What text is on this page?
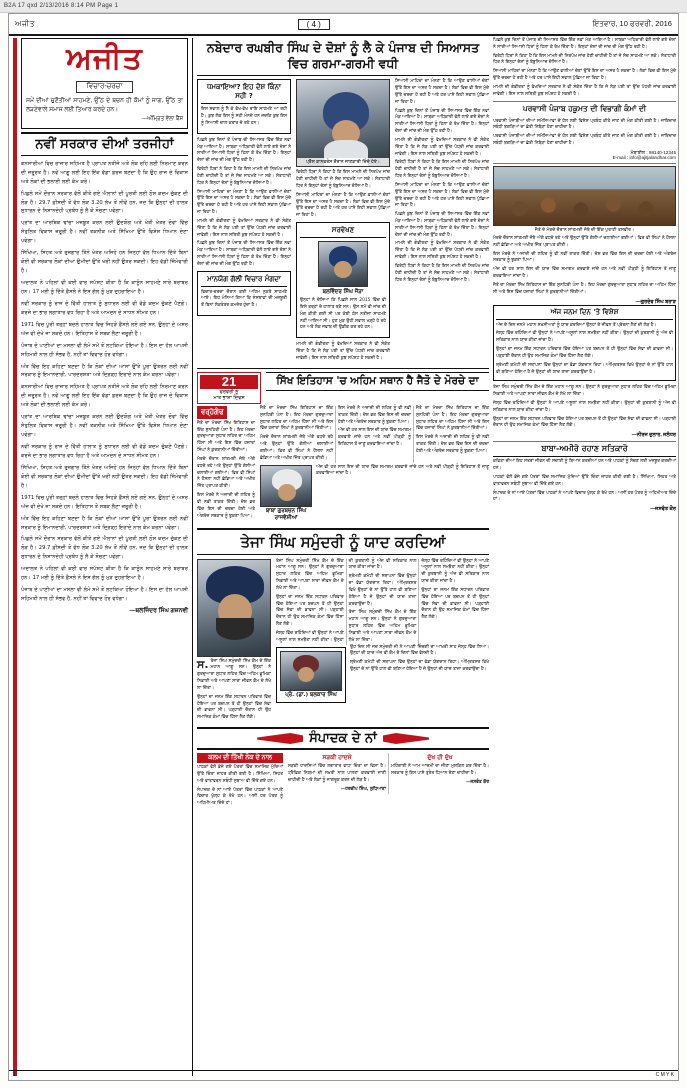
B2A 17 qxd 2/13/2016 8:14 PM Page 1
ਅਜੀਤ	( 4 )	ਇਤਵਾਰ, 10 ਫਰਵਰੀ, 2016
ਅਜੀਤ
ਵਿਚਾਰ-ਚਰਚਾ
ਸਮੇਂ ਦੀਆਂ ਚੁਣੌਤੀਆਂ ਸਾਹਮਣੇ, ਉੱਠ ਦੇ ਬਚਨ ਹੀ ਕੌਮਾਂ ਨੂੰ ਜਾਗ, ਉੱਠ ਤਾ ਲੜਣੇਵਾਲੇ ਸਮਾਜ ਲਈ ਤਿਆਰ ਕਰਦੇ ਹਨ।
—ਅੰਮ੍ਰਿਤ ਵੇਲਾ ਬੈਂਸ
ਨਵੀਂ ਸਰਕਾਰ ਦੀਆਂ ਤਰਜੀਹਾਂ

ਕਨਸਾਰੀਆਂ ਵਿਚ ਰਾਜ਼ਾਰ ਸਹਿਮਤ ਹੈ ਪ੍ਰਾਪਤ ਨਤੀਜੇ ਅਤੇ ਲੋਕ ਰਹਿ ਲਈ ਨਿਰਮਾਣ ਕਰਨ ਦੀ ਜ਼ਰੂਰਤ ਹੈ। ਨਵੇਂ ਆਗੂ ਲਈ ਇਹ ਇੱਕ ਵੱਡਾ ਫ਼ਰਜ਼ ਬਣਦਾ ਹੈ ਕਿ ਉਹ ਰਾਜ ਦੇ ਵਿਕਾਸ ਅਤੇ ਲੋਕਾਂ ਦੀ ਭਲਾਈ ਲਈ ਕੰਮ ਕਰੇ।

ਪਿਛਲੇ ਸਮੇਂ ਦੌਰਾਨ ਸਰਕਾਰ ਵੱਲੋਂ ਕੀਤੇ ਗਏ ਐਲਾਨਾਂ ਦੀ ਪੂਰਤੀ ਲਈ ਠੋਸ ਕਦਮ ਚੁੱਕਣ ਦੀ ਲੋੜ ਹੈ। 29.7 ਫ਼ੀਸਦੀ ਤੋਂ ਵੱਧ ਲੋਕ 3.20 ਲੱਖ ਤੋਂ ਨੀਵੇਂ ਹਨ, ਜਦ ਕਿ ਉਨ੍ਹਾਂ ਦੀ ਹਾਲਤ ਸੁਧਾਰਨ ਦੇ ਨਿਸ਼ਾਨਦੇਹੀ ਪ੍ਰਬੰਧ ਨੂੰ ਲੈ ਕੇ ਸੋਚਣਾ ਪਵੇਗਾ।

ਪ੍ਰਾਂਤ ਦਾ ਆਰਥਿਕ ਢਾਂਚਾ ਮਜ਼ਬੂਤ ਕਰਨ ਲਈ ਉਦਯੋਗ ਅਤੇ ਖੇਤੀ ਖੇਤਰ ਦੋਵਾਂ ਵਿੱਚ ਸੰਤੁਲਿਤ ਵਿਕਾਸ ਜ਼ਰੂਰੀ ਹੈ। ਨਵੀਂ ਤਕਨੀਕ ਅਤੇ ਸਿੱਖਿਆ ਉੱਤੇ ਵਿਸ਼ੇਸ਼ ਧਿਆਨ ਦੇਣਾ ਪਵੇਗਾ।

ਸਿੱਖਿਆ, ਸਿਹਤ ਅਤੇ ਰੁਜ਼ਗਾਰ ਤਿੰਨੇ ਖੇਤਰ ਅਜਿਹੇ ਹਨ ਜਿਨ੍ਹਾਂ ਵੱਲ ਧਿਆਨ ਦਿੱਤੇ ਬਿਨਾਂ ਕੋਈ ਵੀ ਸਰਕਾਰ ਲੋਕਾਂ ਦੀਆਂ ਉਮੀਦਾਂ ਉੱਤੇ ਖਰੀ ਨਹੀਂ ਉਤਰ ਸਕਦੀ। ਇਹ ਵੱਡੀ ਜ਼ਿੰਮੇਵਾਰੀ ਹੈ।

ਅਦਾਲਤ ਨੇ ਪਹਿਲਾਂ ਵੀ ਕਈ ਵਾਰ ਸਪੱਸ਼ਟ ਕੀਤਾ ਹੈ ਕਿ ਕਾਨੂੰਨ ਸਾਹਮਣੇ ਸਾਰੇ ਬਰਾਬਰ ਹਨ। 17 ਮਈ ਨੂੰ ਦਿੱਤੇ ਫ਼ੈਸਲੇ ਨੇ ਇਸ ਗੱਲ ਨੂੰ ਮੁੜ ਦੁਹਰਾਇਆ ਹੈ।

ਨਵੀਂ ਸਰਕਾਰ ਨੂੰ ਰਾਜ ਦੇ ਵਿੱਤੀ ਹਾਲਾਤ ਨੂੰ ਸੁਧਾਰਨ ਲਈ ਵੀ ਵੱਡੇ ਕਦਮ ਚੁੱਕਣੇ ਪੈਣਗੇ। ਕਰਜ਼ੇ ਦਾ ਭਾਰ ਲਗਾਤਾਰ ਵਧ ਰਿਹਾ ਹੈ ਅਤੇ ਆਮਦਨ ਦੇ ਸਾਧਨ ਸੀਮਤ ਹਨ।

1971 ਵਿਚ ਪੂਰੀ ਤਰ੍ਹਾਂ ਬਦਲੇ ਹਾਲਾਤ ਵਿਚ ਜਿਹੜੇ ਫ਼ੈਸਲੇ ਲਏ ਗਏ ਸਨ, ਉਨ੍ਹਾਂ ਦੇ ਅਸਰ ਅੱਜ ਵੀ ਦੇਖੇ ਜਾ ਸਕਦੇ ਹਨ। ਇਤਿਹਾਸ ਤੋਂ ਸਬਕ ਲੈਣਾ ਜ਼ਰੂਰੀ ਹੈ।

ਪੰਜਾਬ ਦੇ ਪਾਣੀਆਂ ਦਾ ਮਸਲਾ ਵੀ ਲੰਮੇ ਸਮੇਂ ਤੋਂ ਲਟਕਿਆ ਹੋਇਆ ਹੈ। ਇਸ ਦਾ ਹੱਲ ਆਪਸੀ ਸਹਿਮਤੀ ਨਾਲ ਹੀ ਸੰਭਵ ਹੈ, ਨਹੀਂ ਤਾਂ ਵਿਵਾਦ ਹੋਰ ਵਧੇਗਾ।

ਅੰਤ ਵਿੱਚ ਇਹ ਕਹਿਣਾ ਬਣਦਾ ਹੈ ਕਿ ਲੋਕਾਂ ਦੀਆਂ ਆਸਾਂ ਉੱਤੇ ਪੂਰਾ ਉਤਰਨ ਲਈ ਨਵੀਂ ਸਰਕਾਰ ਨੂੰ ਇਮਾਨਦਾਰੀ, ਪਾਰਦਰਸ਼ਤਾ ਅਤੇ ਦ੍ਰਿੜ੍ਹ ਇਰਾਦੇ ਨਾਲ ਕੰਮ ਕਰਨਾ ਪਵੇਗਾ।

ਕਨਸਾਰੀਆਂ ਵਿਚ ਰਾਜ਼ਾਰ ਸਹਿਮਤ ਹੈ ਪ੍ਰਾਪਤ ਨਤੀਜੇ ਅਤੇ ਲੋਕ ਰਹਿ ਲਈ ਨਿਰਮਾਣ ਕਰਨ ਦੀ ਜ਼ਰੂਰਤ ਹੈ। ਨਵੇਂ ਆਗੂ ਲਈ ਇਹ ਇੱਕ ਵੱਡਾ ਫ਼ਰਜ਼ ਬਣਦਾ ਹੈ ਕਿ ਉਹ ਰਾਜ ਦੇ ਵਿਕਾਸ ਅਤੇ ਲੋਕਾਂ ਦੀ ਭਲਾਈ ਲਈ ਕੰਮ ਕਰੇ।

ਪ੍ਰਾਂਤ ਦਾ ਆਰਥਿਕ ਢਾਂਚਾ ਮਜ਼ਬੂਤ ਕਰਨ ਲਈ ਉਦਯੋਗ ਅਤੇ ਖੇਤੀ ਖੇਤਰ ਦੋਵਾਂ ਵਿੱਚ ਸੰਤੁਲਿਤ ਵਿਕਾਸ ਜ਼ਰੂਰੀ ਹੈ। ਨਵੀਂ ਤਕਨੀਕ ਅਤੇ ਸਿੱਖਿਆ ਉੱਤੇ ਵਿਸ਼ੇਸ਼ ਧਿਆਨ ਦੇਣਾ ਪਵੇਗਾ।

ਨਵੀਂ ਸਰਕਾਰ ਨੂੰ ਰਾਜ ਦੇ ਵਿੱਤੀ ਹਾਲਾਤ ਨੂੰ ਸੁਧਾਰਨ ਲਈ ਵੀ ਵੱਡੇ ਕਦਮ ਚੁੱਕਣੇ ਪੈਣਗੇ। ਕਰਜ਼ੇ ਦਾ ਭਾਰ ਲਗਾਤਾਰ ਵਧ ਰਿਹਾ ਹੈ ਅਤੇ ਆਮਦਨ ਦੇ ਸਾਧਨ ਸੀਮਤ ਹਨ।

ਸਿੱਖਿਆ, ਸਿਹਤ ਅਤੇ ਰੁਜ਼ਗਾਰ ਤਿੰਨੇ ਖੇਤਰ ਅਜਿਹੇ ਹਨ ਜਿਨ੍ਹਾਂ ਵੱਲ ਧਿਆਨ ਦਿੱਤੇ ਬਿਨਾਂ ਕੋਈ ਵੀ ਸਰਕਾਰ ਲੋਕਾਂ ਦੀਆਂ ਉਮੀਦਾਂ ਉੱਤੇ ਖਰੀ ਨਹੀਂ ਉਤਰ ਸਕਦੀ। ਇਹ ਵੱਡੀ ਜ਼ਿੰਮੇਵਾਰੀ ਹੈ।

1971 ਵਿਚ ਪੂਰੀ ਤਰ੍ਹਾਂ ਬਦਲੇ ਹਾਲਾਤ ਵਿਚ ਜਿਹੜੇ ਫ਼ੈਸਲੇ ਲਏ ਗਏ ਸਨ, ਉਨ੍ਹਾਂ ਦੇ ਅਸਰ ਅੱਜ ਵੀ ਦੇਖੇ ਜਾ ਸਕਦੇ ਹਨ। ਇਤਿਹਾਸ ਤੋਂ ਸਬਕ ਲੈਣਾ ਜ਼ਰੂਰੀ ਹੈ।

ਅੰਤ ਵਿੱਚ ਇਹ ਕਹਿਣਾ ਬਣਦਾ ਹੈ ਕਿ ਲੋਕਾਂ ਦੀਆਂ ਆਸਾਂ ਉੱਤੇ ਪੂਰਾ ਉਤਰਨ ਲਈ ਨਵੀਂ ਸਰਕਾਰ ਨੂੰ ਇਮਾਨਦਾਰੀ, ਪਾਰਦਰਸ਼ਤਾ ਅਤੇ ਦ੍ਰਿੜ੍ਹ ਇਰਾਦੇ ਨਾਲ ਕੰਮ ਕਰਨਾ ਪਵੇਗਾ।

ਪਿਛਲੇ ਸਮੇਂ ਦੌਰਾਨ ਸਰਕਾਰ ਵੱਲੋਂ ਕੀਤੇ ਗਏ ਐਲਾਨਾਂ ਦੀ ਪੂਰਤੀ ਲਈ ਠੋਸ ਕਦਮ ਚੁੱਕਣ ਦੀ ਲੋੜ ਹੈ। 29.7 ਫ਼ੀਸਦੀ ਤੋਂ ਵੱਧ ਲੋਕ 3.20 ਲੱਖ ਤੋਂ ਨੀਵੇਂ ਹਨ, ਜਦ ਕਿ ਉਨ੍ਹਾਂ ਦੀ ਹਾਲਤ ਸੁਧਾਰਨ ਦੇ ਨਿਸ਼ਾਨਦੇਹੀ ਪ੍ਰਬੰਧ ਨੂੰ ਲੈ ਕੇ ਸੋਚਣਾ ਪਵੇਗਾ।

ਅਦਾਲਤ ਨੇ ਪਹਿਲਾਂ ਵੀ ਕਈ ਵਾਰ ਸਪੱਸ਼ਟ ਕੀਤਾ ਹੈ ਕਿ ਕਾਨੂੰਨ ਸਾਹਮਣੇ ਸਾਰੇ ਬਰਾਬਰ ਹਨ। 17 ਮਈ ਨੂੰ ਦਿੱਤੇ ਫ਼ੈਸਲੇ ਨੇ ਇਸ ਗੱਲ ਨੂੰ ਮੁੜ ਦੁਹਰਾਇਆ ਹੈ।

ਪੰਜਾਬ ਦੇ ਪਾਣੀਆਂ ਦਾ ਮਸਲਾ ਵੀ ਲੰਮੇ ਸਮੇਂ ਤੋਂ ਲਟਕਿਆ ਹੋਇਆ ਹੈ। ਇਸ ਦਾ ਹੱਲ ਆਪਸੀ ਸਹਿਮਤੀ ਨਾਲ ਹੀ ਸੰਭਵ ਹੈ, ਨਹੀਂ ਤਾਂ ਵਿਵਾਦ ਹੋਰ ਵਧੇਗਾ।

—ਬਲਜਿੰਦਰ ਸਿੰਘ ਗਜ਼ਨਵੀ
ਨਬੇਦਾਰ ਰਘਬੀਰ ਸਿੰਘ ਦੇ ਦੋਸ਼ਾਂ ਨੂੰ ਲੈ ਕੇ ਪੰਜਾਬ ਦੀ ਸਿਆਸਤ ਵਿਚ ਗਰਮਾ-ਗਰਮੀ ਵਧੀ
ਧਮਕਾਇਆ? ਇਹ ਦੋਸ਼ ਕਿੰਨਾ ਸਹੀ ?

ਇਸ ਸਵਾਲ ਨੂੰ ਲੈ ਕੇ ਵੱਖ-ਵੱਖ ਰਾਇ ਸਾਹਮਣੇ ਆ ਰਹੀ ਹੈ। ਕੁਝ ਲੋਕ ਇਸ ਨੂੰ ਸਹੀ ਮੰਨਦੇ ਹਨ ਜਦਕਿ ਕੁਝ ਇਸ ਨੂੰ ਸਿਆਸੀ ਚਾਲ ਕਰਾਰ ਦੇ ਰਹੇ ਹਨ।

ਪਿਛਲੇ ਕੁਝ ਦਿਨਾਂ ਤੋਂ ਪੰਜਾਬ ਦੀ ਸਿਆਸਤ ਵਿੱਚ ਇੱਕ ਨਵਾਂ ਮੋੜ ਆਇਆ ਹੈ। ਸਾਬਕਾ ਅਧਿਕਾਰੀ ਵੱਲੋਂ ਲਾਏ ਗਏ ਦੋਸ਼ਾਂ ਨੇ ਸਾਰੀਆਂ ਸਿਆਸੀ ਧਿਰਾਂ ਨੂੰ ਹਿਲਾ ਕੇ ਰੱਖ ਦਿੱਤਾ ਹੈ। ਇਨ੍ਹਾਂ ਦੋਸ਼ਾਂ ਦੀ ਜਾਂਚ ਦੀ ਮੰਗ ਉੱਠ ਰਹੀ ਹੈ।

ਵਿਰੋਧੀ ਧਿਰਾਂ ਨੇ ਕਿਹਾ ਹੈ ਕਿ ਇਸ ਮਾਮਲੇ ਦੀ ਨਿਰਪੱਖ ਜਾਂਚ ਹੋਣੀ ਚਾਹੀਦੀ ਹੈ ਤਾਂ ਜੋ ਸੱਚ ਸਾਹਮਣੇ ਆ ਸਕੇ। ਸੱਤਾਧਾਰੀ ਧਿਰ ਨੇ ਇਨ੍ਹਾਂ ਦੋਸ਼ਾਂ ਨੂੰ ਬੇਬੁਨਿਆਦ ਦੱਸਿਆ ਹੈ।

ਸਿਆਸੀ ਮਾਹਿਰਾਂ ਦਾ ਮੰਨਣਾ ਹੈ ਕਿ ਆਉਣ ਵਾਲੀਆਂ ਚੋਣਾਂ ਉੱਤੇ ਇਸ ਦਾ ਅਸਰ ਪੈ ਸਕਦਾ ਹੈ। ਲੋਕਾਂ ਵਿਚ ਵੀ ਇਸ ਮੁੱਦੇ ਉੱਤੇ ਚਰਚਾ ਹੋ ਰਹੀ ਹੈ ਅਤੇ ਹਰ ਪਾਸੇ ਇਹੀ ਸਵਾਲ ਪੁੱਛਿਆ ਜਾ ਰਿਹਾ ਹੈ।

ਮਾਮਲੇ ਦੀ ਗੰਭੀਰਤਾ ਨੂੰ ਵੇਖਦਿਆਂ ਸਰਕਾਰ ਨੇ ਵੀ ਸੰਕੇਤ ਦਿੱਤਾ ਹੈ ਕਿ ਜੇ ਲੋੜ ਪਈ ਤਾਂ ਉੱਚ ਪੱਧਰੀ ਜਾਂਚ ਕਰਵਾਈ ਜਾਵੇਗੀ। ਇਸ ਨਾਲ ਸਥਿਤੀ ਕੁਝ ਸਪੱਸ਼ਟ ਹੋ ਸਕਦੀ ਹੈ।

ਪਿਛਲੇ ਕੁਝ ਦਿਨਾਂ ਤੋਂ ਪੰਜਾਬ ਦੀ ਸਿਆਸਤ ਵਿੱਚ ਇੱਕ ਨਵਾਂ ਮੋੜ ਆਇਆ ਹੈ। ਸਾਬਕਾ ਅਧਿਕਾਰੀ ਵੱਲੋਂ ਲਾਏ ਗਏ ਦੋਸ਼ਾਂ ਨੇ ਸਾਰੀਆਂ ਸਿਆਸੀ ਧਿਰਾਂ ਨੂੰ ਹਿਲਾ ਕੇ ਰੱਖ ਦਿੱਤਾ ਹੈ। ਇਨ੍ਹਾਂ ਦੋਸ਼ਾਂ ਦੀ ਜਾਂਚ ਦੀ ਮੰਗ ਉੱਠ ਰਹੀ ਹੈ।

ਮਾਨਯੋਗ ਗੱਲੀ ਵਿਚਾਰ ਮੰਗਦਾ

ਵਿਚਾਰ-ਚਰਚਾ ਦੌਰਾਨ ਕਈ ਅਹਿਮ ਨੁਕਤੇ ਸਾਹਮਣੇ ਆਏ। ਇਹ ਮੰਨਿਆ ਗਿਆ ਕਿ ਸੰਸਥਾਵਾਂ ਦੀ ਮਜ਼ਬੂਤੀ ਤੋਂ ਬਿਨਾਂ ਲੋਕਤੰਤਰ ਕਮਜ਼ੋਰ ਹੁੰਦਾ ਹੈ।

ਪ੍ਰੈੱਸ ਕਾਨਫਰੰਸ ਦੌਰਾਨ ਜਾਣਕਾਰੀ ਦਿੰਦੇ ਹੋਏ।

ਵਿਰੋਧੀ ਧਿਰਾਂ ਨੇ ਕਿਹਾ ਹੈ ਕਿ ਇਸ ਮਾਮਲੇ ਦੀ ਨਿਰਪੱਖ ਜਾਂਚ ਹੋਣੀ ਚਾਹੀਦੀ ਹੈ ਤਾਂ ਜੋ ਸੱਚ ਸਾਹਮਣੇ ਆ ਸਕੇ। ਸੱਤਾਧਾਰੀ ਧਿਰ ਨੇ ਇਨ੍ਹਾਂ ਦੋਸ਼ਾਂ ਨੂੰ ਬੇਬੁਨਿਆਦ ਦੱਸਿਆ ਹੈ।

ਸਿਆਸੀ ਮਾਹਿਰਾਂ ਦਾ ਮੰਨਣਾ ਹੈ ਕਿ ਆਉਣ ਵਾਲੀਆਂ ਚੋਣਾਂ ਉੱਤੇ ਇਸ ਦਾ ਅਸਰ ਪੈ ਸਕਦਾ ਹੈ। ਲੋਕਾਂ ਵਿਚ ਵੀ ਇਸ ਮੁੱਦੇ ਉੱਤੇ ਚਰਚਾ ਹੋ ਰਹੀ ਹੈ ਅਤੇ ਹਰ ਪਾਸੇ ਇਹੀ ਸਵਾਲ ਪੁੱਛਿਆ ਜਾ ਰਿਹਾ ਹੈ।

ਸਰਵੇਖਣ
ਬਲਵਿੰਦਰ ਸਿੰਘ ਜੌੜਾ

ਉਨ੍ਹਾਂ ਨੇ ਦੱਸਿਆ ਕਿ ਪਿਛਲੇ ਸਾਲ 2015 ਵਿੱਚ ਵੀ ਇਸੇ ਤਰ੍ਹਾਂ ਦੇ ਹਾਲਾਤ ਬਣੇ ਸਨ। ਉਸ ਸਮੇਂ ਵੀ ਜਾਂਚ ਦੀ ਮੰਗ ਕੀਤੀ ਗਈ ਸੀ ਪਰ ਕੋਈ ਠੋਸ ਨਤੀਜਾ ਸਾਹਮਣੇ ਨਹੀਂ ਆਇਆ ਸੀ। ਹੁਣ ਮੁੜ ਉਹੀ ਸਵਾਲ ਖੜ੍ਹੇ ਹੋ ਰਹੇ ਹਨ ਅਤੇ ਲੋਕ ਜਵਾਬ ਦੀ ਉਡੀਕ ਕਰ ਰਹੇ ਹਨ।

ਮਾਮਲੇ ਦੀ ਗੰਭੀਰਤਾ ਨੂੰ ਵੇਖਦਿਆਂ ਸਰਕਾਰ ਨੇ ਵੀ ਸੰਕੇਤ ਦਿੱਤਾ ਹੈ ਕਿ ਜੇ ਲੋੜ ਪਈ ਤਾਂ ਉੱਚ ਪੱਧਰੀ ਜਾਂਚ ਕਰਵਾਈ ਜਾਵੇਗੀ। ਇਸ ਨਾਲ ਸਥਿਤੀ ਕੁਝ ਸਪੱਸ਼ਟ ਹੋ ਸਕਦੀ ਹੈ।

ਸਿਆਸੀ ਮਾਹਿਰਾਂ ਦਾ ਮੰਨਣਾ ਹੈ ਕਿ ਆਉਣ ਵਾਲੀਆਂ ਚੋਣਾਂ ਉੱਤੇ ਇਸ ਦਾ ਅਸਰ ਪੈ ਸਕਦਾ ਹੈ। ਲੋਕਾਂ ਵਿਚ ਵੀ ਇਸ ਮੁੱਦੇ ਉੱਤੇ ਚਰਚਾ ਹੋ ਰਹੀ ਹੈ ਅਤੇ ਹਰ ਪਾਸੇ ਇਹੀ ਸਵਾਲ ਪੁੱਛਿਆ ਜਾ ਰਿਹਾ ਹੈ।

ਪਿਛਲੇ ਕੁਝ ਦਿਨਾਂ ਤੋਂ ਪੰਜਾਬ ਦੀ ਸਿਆਸਤ ਵਿੱਚ ਇੱਕ ਨਵਾਂ ਮੋੜ ਆਇਆ ਹੈ। ਸਾਬਕਾ ਅਧਿਕਾਰੀ ਵੱਲੋਂ ਲਾਏ ਗਏ ਦੋਸ਼ਾਂ ਨੇ ਸਾਰੀਆਂ ਸਿਆਸੀ ਧਿਰਾਂ ਨੂੰ ਹਿਲਾ ਕੇ ਰੱਖ ਦਿੱਤਾ ਹੈ। ਇਨ੍ਹਾਂ ਦੋਸ਼ਾਂ ਦੀ ਜਾਂਚ ਦੀ ਮੰਗ ਉੱਠ ਰਹੀ ਹੈ।

ਮਾਮਲੇ ਦੀ ਗੰਭੀਰਤਾ ਨੂੰ ਵੇਖਦਿਆਂ ਸਰਕਾਰ ਨੇ ਵੀ ਸੰਕੇਤ ਦਿੱਤਾ ਹੈ ਕਿ ਜੇ ਲੋੜ ਪਈ ਤਾਂ ਉੱਚ ਪੱਧਰੀ ਜਾਂਚ ਕਰਵਾਈ ਜਾਵੇਗੀ। ਇਸ ਨਾਲ ਸਥਿਤੀ ਕੁਝ ਸਪੱਸ਼ਟ ਹੋ ਸਕਦੀ ਹੈ।

ਵਿਰੋਧੀ ਧਿਰਾਂ ਨੇ ਕਿਹਾ ਹੈ ਕਿ ਇਸ ਮਾਮਲੇ ਦੀ ਨਿਰਪੱਖ ਜਾਂਚ ਹੋਣੀ ਚਾਹੀਦੀ ਹੈ ਤਾਂ ਜੋ ਸੱਚ ਸਾਹਮਣੇ ਆ ਸਕੇ। ਸੱਤਾਧਾਰੀ ਧਿਰ ਨੇ ਇਨ੍ਹਾਂ ਦੋਸ਼ਾਂ ਨੂੰ ਬੇਬੁਨਿਆਦ ਦੱਸਿਆ ਹੈ।

ਸਿਆਸੀ ਮਾਹਿਰਾਂ ਦਾ ਮੰਨਣਾ ਹੈ ਕਿ ਆਉਣ ਵਾਲੀਆਂ ਚੋਣਾਂ ਉੱਤੇ ਇਸ ਦਾ ਅਸਰ ਪੈ ਸਕਦਾ ਹੈ। ਲੋਕਾਂ ਵਿਚ ਵੀ ਇਸ ਮੁੱਦੇ ਉੱਤੇ ਚਰਚਾ ਹੋ ਰਹੀ ਹੈ ਅਤੇ ਹਰ ਪਾਸੇ ਇਹੀ ਸਵਾਲ ਪੁੱਛਿਆ ਜਾ ਰਿਹਾ ਹੈ।

ਪਿਛਲੇ ਕੁਝ ਦਿਨਾਂ ਤੋਂ ਪੰਜਾਬ ਦੀ ਸਿਆਸਤ ਵਿੱਚ ਇੱਕ ਨਵਾਂ ਮੋੜ ਆਇਆ ਹੈ। ਸਾਬਕਾ ਅਧਿਕਾਰੀ ਵੱਲੋਂ ਲਾਏ ਗਏ ਦੋਸ਼ਾਂ ਨੇ ਸਾਰੀਆਂ ਸਿਆਸੀ ਧਿਰਾਂ ਨੂੰ ਹਿਲਾ ਕੇ ਰੱਖ ਦਿੱਤਾ ਹੈ। ਇਨ੍ਹਾਂ ਦੋਸ਼ਾਂ ਦੀ ਜਾਂਚ ਦੀ ਮੰਗ ਉੱਠ ਰਹੀ ਹੈ।

ਮਾਮਲੇ ਦੀ ਗੰਭੀਰਤਾ ਨੂੰ ਵੇਖਦਿਆਂ ਸਰਕਾਰ ਨੇ ਵੀ ਸੰਕੇਤ ਦਿੱਤਾ ਹੈ ਕਿ ਜੇ ਲੋੜ ਪਈ ਤਾਂ ਉੱਚ ਪੱਧਰੀ ਜਾਂਚ ਕਰਵਾਈ ਜਾਵੇਗੀ। ਇਸ ਨਾਲ ਸਥਿਤੀ ਕੁਝ ਸਪੱਸ਼ਟ ਹੋ ਸਕਦੀ ਹੈ।

ਵਿਰੋਧੀ ਧਿਰਾਂ ਨੇ ਕਿਹਾ ਹੈ ਕਿ ਇਸ ਮਾਮਲੇ ਦੀ ਨਿਰਪੱਖ ਜਾਂਚ ਹੋਣੀ ਚਾਹੀਦੀ ਹੈ ਤਾਂ ਜੋ ਸੱਚ ਸਾਹਮਣੇ ਆ ਸਕੇ। ਸੱਤਾਧਾਰੀ ਧਿਰ ਨੇ ਇਨ੍ਹਾਂ ਦੋਸ਼ਾਂ ਨੂੰ ਬੇਬੁਨਿਆਦ ਦੱਸਿਆ ਹੈ।

21
ਫਰਵਰੀ ਨੂੰ
ਮਾਤ ਭਾਸ਼ਾ ਦਿਵਸ
ਸਿੱਖ ਇਤਿਹਾਸ 'ਚ ਅਹਿਮ ਸਥਾਨ ਹੈ ਜੈਤੋ ਦੇ ਮੋਰਚੇ ਦਾ

ਵਰ੍ਹੇਗੰਢ

ਜੈਤੋ ਦਾ ਮੋਰਚਾ ਸਿੱਖ ਇਤਿਹਾਸ ਦਾ ਇੱਕ ਸੁਨਹਿਰੀ ਪੰਨਾ ਹੈ। ਇਹ ਮੋਰਚਾ ਗੁਰਦੁਆਰਾ ਸੁਧਾਰ ਲਹਿਰ ਦਾ ਅਹਿਮ ਹਿੱਸਾ ਸੀ ਅਤੇ ਇਸ ਵਿੱਚ ਹਜ਼ਾਰਾਂ ਸਿੰਘਾਂ ਨੇ ਕੁਰਬਾਨੀਆਂ ਦਿੱਤੀਆਂ।

ਮੋਰਚੇ ਦੌਰਾਨ ਸ਼ਾਂਤਮਈ ਜੱਥੇ ਅੱਗੇ ਵਧਦੇ ਰਹੇ ਅਤੇ ਉਨ੍ਹਾਂ ਉੱਤੇ ਗੋਲੀਆਂ ਚਲਾਈਆਂ ਗਈਆਂ। ਫਿਰ ਵੀ ਸਿੰਘਾਂ ਨੇ ਹੌਸਲਾ ਨਹੀਂ ਛੱਡਿਆ ਅਤੇ ਅਖੀਰ ਜਿੱਤ ਪ੍ਰਾਪਤ ਕੀਤੀ।

ਇਸ ਮੋਰਚੇ ਨੇ ਅਜ਼ਾਦੀ ਦੀ ਲਹਿਰ ਨੂੰ ਵੀ ਨਵੀਂ ਤਾਕਤ ਦਿੱਤੀ। ਦੇਸ਼ ਭਰ ਵਿੱਚ ਇਸ ਦੀ ਚਰਚਾ ਹੋਈ ਅਤੇ ਅੰਗਰੇਜ਼ ਸਰਕਾਰ ਨੂੰ ਝੁਕਣਾ ਪਿਆ।

ਜੈਤੋ ਦਾ ਮੋਰਚਾ ਸਿੱਖ ਇਤਿਹਾਸ ਦਾ ਇੱਕ ਸੁਨਹਿਰੀ ਪੰਨਾ ਹੈ। ਇਹ ਮੋਰਚਾ ਗੁਰਦੁਆਰਾ ਸੁਧਾਰ ਲਹਿਰ ਦਾ ਅਹਿਮ ਹਿੱਸਾ ਸੀ ਅਤੇ ਇਸ ਵਿੱਚ ਹਜ਼ਾਰਾਂ ਸਿੰਘਾਂ ਨੇ ਕੁਰਬਾਨੀਆਂ ਦਿੱਤੀਆਂ।

ਮੋਰਚੇ ਦੌਰਾਨ ਸ਼ਾਂਤਮਈ ਜੱਥੇ ਅੱਗੇ ਵਧਦੇ ਰਹੇ ਅਤੇ ਉਨ੍ਹਾਂ ਉੱਤੇ ਗੋਲੀਆਂ ਚਲਾਈਆਂ ਗਈਆਂ। ਫਿਰ ਵੀ ਸਿੰਘਾਂ ਨੇ ਹੌਸਲਾ ਨਹੀਂ ਛੱਡਿਆ ਅਤੇ ਅਖੀਰ ਜਿੱਤ ਪ੍ਰਾਪਤ ਕੀਤੀ।

ਇਸ ਮੋਰਚੇ ਨੇ ਅਜ਼ਾਦੀ ਦੀ ਲਹਿਰ ਨੂੰ ਵੀ ਨਵੀਂ ਤਾਕਤ ਦਿੱਤੀ। ਦੇਸ਼ ਭਰ ਵਿੱਚ ਇਸ ਦੀ ਚਰਚਾ ਹੋਈ ਅਤੇ ਅੰਗਰੇਜ਼ ਸਰਕਾਰ ਨੂੰ ਝੁਕਣਾ ਪਿਆ।

ਅੱਜ ਵੀ ਹਰ ਸਾਲ ਇਸ ਦੀ ਯਾਦ ਵਿੱਚ ਸਮਾਗਮ ਕਰਵਾਏ ਜਾਂਦੇ ਹਨ ਅਤੇ ਨਵੀਂ ਪੀੜ੍ਹੀ ਨੂੰ ਇਤਿਹਾਸ ਤੋਂ ਜਾਣੂ ਕਰਵਾਇਆ ਜਾਂਦਾ ਹੈ।

ਜੈਤੋ ਦਾ ਮੋਰਚਾ ਸਿੱਖ ਇਤਿਹਾਸ ਦਾ ਇੱਕ ਸੁਨਹਿਰੀ ਪੰਨਾ ਹੈ। ਇਹ ਮੋਰਚਾ ਗੁਰਦੁਆਰਾ ਸੁਧਾਰ ਲਹਿਰ ਦਾ ਅਹਿਮ ਹਿੱਸਾ ਸੀ ਅਤੇ ਇਸ ਵਿੱਚ ਹਜ਼ਾਰਾਂ ਸਿੰਘਾਂ ਨੇ ਕੁਰਬਾਨੀਆਂ ਦਿੱਤੀਆਂ।

ਇਸ ਮੋਰਚੇ ਨੇ ਅਜ਼ਾਦੀ ਦੀ ਲਹਿਰ ਨੂੰ ਵੀ ਨਵੀਂ ਤਾਕਤ ਦਿੱਤੀ। ਦੇਸ਼ ਭਰ ਵਿੱਚ ਇਸ ਦੀ ਚਰਚਾ ਹੋਈ ਅਤੇ ਅੰਗਰੇਜ਼ ਸਰਕਾਰ ਨੂੰ ਝੁਕਣਾ ਪਿਆ।

ਬਾਬਾ ਗੁਰਬਚਨ ਸਿੰਘ ਰਾਜਵੰਸ਼ੀਆਂ

ਅੱਜ ਵੀ ਹਰ ਸਾਲ ਇਸ ਦੀ ਯਾਦ ਵਿੱਚ ਸਮਾਗਮ ਕਰਵਾਏ ਜਾਂਦੇ ਹਨ ਅਤੇ ਨਵੀਂ ਪੀੜ੍ਹੀ ਨੂੰ ਇਤਿਹਾਸ ਤੋਂ ਜਾਣੂ ਕਰਵਾਇਆ ਜਾਂਦਾ ਹੈ।

ਤੇਜਾ ਸਿੰਘ ਸਮੁੰਦਰੀ ਨੂੰ ਯਾਦ ਕਰਦਿਆਂ

ਸ. ਤੇਜਾ ਸਿੰਘ ਸਮੁੰਦਰੀ ਸਿੱਖ ਕੌਮ ਦੇ ਇੱਕ ਮਹਾਨ ਆਗੂ ਸਨ। ਉਨ੍ਹਾਂ ਨੇ ਗੁਰਦੁਆਰਾ ਸੁਧਾਰ ਲਹਿਰ ਵਿੱਚ ਅਹਿਮ ਭੂਮਿਕਾ ਨਿਭਾਈ ਅਤੇ ਆਪਣਾ ਸਾਰਾ ਜੀਵਨ ਕੌਮ ਦੇ ਲੇਖੇ ਲਾ ਦਿੱਤਾ।

ਉਨ੍ਹਾਂ ਦਾ ਜਨਮ ਇੱਕ ਸਧਾਰਨ ਪਰਿਵਾਰ ਵਿੱਚ ਹੋਇਆ ਪਰ ਬਚਪਨ ਤੋਂ ਹੀ ਉਨ੍ਹਾਂ ਵਿੱਚ ਸੇਵਾ ਦੀ ਭਾਵਨਾ ਸੀ। ਪੜ੍ਹਾਈ ਦੌਰਾਨ ਹੀ ਉਹ ਸਮਾਜਿਕ ਕੰਮਾਂ ਵਿੱਚ ਹਿੱਸਾ ਲੈਣ ਲੱਗੇ।

ਤੇਜਾ ਸਿੰਘ ਸਮੁੰਦਰੀ ਸਿੱਖ ਕੌਮ ਦੇ ਇੱਕ ਮਹਾਨ ਆਗੂ ਸਨ। ਉਨ੍ਹਾਂ ਨੇ ਗੁਰਦੁਆਰਾ ਸੁਧਾਰ ਲਹਿਰ ਵਿੱਚ ਅਹਿਮ ਭੂਮਿਕਾ ਨਿਭਾਈ ਅਤੇ ਆਪਣਾ ਸਾਰਾ ਜੀਵਨ ਕੌਮ ਦੇ ਲੇਖੇ ਲਾ ਦਿੱਤਾ।

ਉਨ੍ਹਾਂ ਦਾ ਜਨਮ ਇੱਕ ਸਧਾਰਨ ਪਰਿਵਾਰ ਵਿੱਚ ਹੋਇਆ ਪਰ ਬਚਪਨ ਤੋਂ ਹੀ ਉਨ੍ਹਾਂ ਵਿੱਚ ਸੇਵਾ ਦੀ ਭਾਵਨਾ ਸੀ। ਪੜ੍ਹਾਈ ਦੌਰਾਨ ਹੀ ਉਹ ਸਮਾਜਿਕ ਕੰਮਾਂ ਵਿੱਚ ਹਿੱਸਾ ਲੈਣ ਲੱਗੇ।

ਜੇਲ੍ਹ ਵਿੱਚ ਰਹਿੰਦਿਆਂ ਵੀ ਉਨ੍ਹਾਂ ਨੇ ਆਪਣੇ ਅਸੂਲਾਂ ਨਾਲ ਸਮਝੌਤਾ ਨਹੀਂ ਕੀਤਾ। ਉਨ੍ਹਾਂ ਦੀ ਕੁਰਬਾਨੀ ਨੂੰ ਅੱਜ ਵੀ ਸਤਿਕਾਰ ਨਾਲ ਯਾਦ ਕੀਤਾ ਜਾਂਦਾ ਹੈ।

ਸ਼੍ਰੋਮਣੀ ਕਮੇਟੀ ਦੀ ਸਥਾਪਨਾ ਵਿੱਚ ਉਨ੍ਹਾਂ ਦਾ ਵੱਡਾ ਯੋਗਦਾਨ ਰਿਹਾ। ਅੰਮ੍ਰਿਤਸਰ ਵਿਖੇ ਉਨ੍ਹਾਂ ਦੇ ਨਾਂ ਉੱਤੇ ਹਾਲ ਵੀ ਬਣਿਆ ਹੋਇਆ ਹੈ ਜੋ ਉਨ੍ਹਾਂ ਦੀ ਯਾਦ ਤਾਜ਼ਾ ਕਰਵਾਉਂਦਾ ਹੈ।

ਤੇਜਾ ਸਿੰਘ ਸਮੁੰਦਰੀ ਸਿੱਖ ਕੌਮ ਦੇ ਇੱਕ ਮਹਾਨ ਆਗੂ ਸਨ। ਉਨ੍ਹਾਂ ਨੇ ਗੁਰਦੁਆਰਾ ਸੁਧਾਰ ਲਹਿਰ ਵਿੱਚ ਅਹਿਮ ਭੂਮਿਕਾ ਨਿਭਾਈ ਅਤੇ ਆਪਣਾ ਸਾਰਾ ਜੀਵਨ ਕੌਮ ਦੇ ਲੇਖੇ ਲਾ ਦਿੱਤਾ।

ਜੇਲ੍ਹ ਵਿੱਚ ਰਹਿੰਦਿਆਂ ਵੀ ਉਨ੍ਹਾਂ ਨੇ ਆਪਣੇ ਅਸੂਲਾਂ ਨਾਲ ਸਮਝੌਤਾ ਨਹੀਂ ਕੀਤਾ। ਉਨ੍ਹਾਂ ਦੀ ਕੁਰਬਾਨੀ ਨੂੰ ਅੱਜ ਵੀ ਸਤਿਕਾਰ ਨਾਲ ਯਾਦ ਕੀਤਾ ਜਾਂਦਾ ਹੈ।

ਉਨ੍ਹਾਂ ਦਾ ਜਨਮ ਇੱਕ ਸਧਾਰਨ ਪਰਿਵਾਰ ਵਿੱਚ ਹੋਇਆ ਪਰ ਬਚਪਨ ਤੋਂ ਹੀ ਉਨ੍ਹਾਂ ਵਿੱਚ ਸੇਵਾ ਦੀ ਭਾਵਨਾ ਸੀ। ਪੜ੍ਹਾਈ ਦੌਰਾਨ ਹੀ ਉਹ ਸਮਾਜਿਕ ਕੰਮਾਂ ਵਿੱਚ ਹਿੱਸਾ ਲੈਣ ਲੱਗੇ।

ਪ੍ਰੋ. (ਡਾ.) ਬਲਕਾਰ ਸਿੰਘ

ਉਹ ਦਿਨ ਸੀ ਜਦ ਸਮੁੰਦਰੀ ਜੀ ਨੇ ਆਪਣੀ ਜ਼ਿੰਦਗੀ ਦਾ ਆਖ਼ਰੀ ਸਾਹ ਜੇਲ੍ਹ ਵਿੱਚ ਲਿਆ। ਉਨ੍ਹਾਂ ਦੀ ਯਾਦ ਅੱਜ ਵੀ ਕੌਮ ਦੇ ਦਿਲਾਂ ਵਿੱਚ ਵੱਸਦੀ ਹੈ।

ਸ਼੍ਰੋਮਣੀ ਕਮੇਟੀ ਦੀ ਸਥਾਪਨਾ ਵਿੱਚ ਉਨ੍ਹਾਂ ਦਾ ਵੱਡਾ ਯੋਗਦਾਨ ਰਿਹਾ। ਅੰਮ੍ਰਿਤਸਰ ਵਿਖੇ ਉਨ੍ਹਾਂ ਦੇ ਨਾਂ ਉੱਤੇ ਹਾਲ ਵੀ ਬਣਿਆ ਹੋਇਆ ਹੈ ਜੋ ਉਨ੍ਹਾਂ ਦੀ ਯਾਦ ਤਾਜ਼ਾ ਕਰਵਾਉਂਦਾ ਹੈ।

ਸੰਪਾਦਕ ਦੇ ਨਾਂ
ਕਲਮ ਦੀ ਤਿੱਖੀ ਨੋਕ ਦੇ ਨਾਲ

ਪਾਠਕਾਂ ਵੱਲੋਂ ਭੇਜੇ ਗਏ ਪੱਤਰਾਂ ਵਿੱਚ ਸਮਾਜਿਕ ਮੁੱਦਿਆਂ ਉੱਤੇ ਚਿੰਤਾ ਜ਼ਾਹਰ ਕੀਤੀ ਗਈ ਹੈ। ਸਿੱਖਿਆ, ਸਿਹਤ ਅਤੇ ਵਾਤਾਵਰਨ ਸਬੰਧੀ ਸੁਝਾਅ ਵੀ ਦਿੱਤੇ ਗਏ ਹਨ।

ਸੰਪਾਦਕ ਦੇ ਨਾਂ ਆਏ ਪੱਤਰਾਂ ਵਿੱਚ ਪਾਠਕਾਂ ਨੇ ਆਪਣੇ ਵਿਚਾਰ ਖੁੱਲ੍ਹ ਕੇ ਰੱਖੇ ਹਨ। ਅਸੀਂ ਹਰ ਪੱਤਰ ਨੂੰ ਅਹਿਮੀਅਤ ਦਿੰਦੇ ਹਾਂ।

ਸੜਕੀ ਹਾਦਸੇ

ਸੜਕੀ ਹਾਦਸਿਆਂ ਵਿੱਚ ਲਗਾਤਾਰ ਵਾਧਾ ਚਿੰਤਾ ਦਾ ਵਿਸ਼ਾ ਹੈ। ਟ੍ਰੈਫ਼ਿਕ ਨਿਯਮਾਂ ਦੀ ਸਖ਼ਤੀ ਨਾਲ ਪਾਲਣਾ ਕਰਵਾਈ ਜਾਣੀ ਚਾਹੀਦੀ ਹੈ ਅਤੇ ਲੋਕਾਂ ਨੂੰ ਜਾਗਰੂਕ ਕਰਨ ਦੀ ਲੋੜ ਹੈ।

—ਹਰਦੀਪ ਸਿੰਘ, ਲੁਧਿਆਣਾ

ਦੁੱਖ ਹੀ ਦੁੱਖ

ਮਹਿੰਗਾਈ ਨੇ ਆਮ ਆਦਮੀ ਦਾ ਜੀਣਾ ਮੁਸ਼ਕਿਲ ਕਰ ਦਿੱਤਾ ਹੈ। ਸਰਕਾਰ ਨੂੰ ਇਸ ਪਾਸੇ ਤੁਰੰਤ ਧਿਆਨ ਦੇਣਾ ਚਾਹੀਦਾ ਹੈ।

—ਜਸਵੰਤ ਕੌਰ

ਪਿਛਲੇ ਕੁਝ ਦਿਨਾਂ ਤੋਂ ਪੰਜਾਬ ਦੀ ਸਿਆਸਤ ਵਿੱਚ ਇੱਕ ਨਵਾਂ ਮੋੜ ਆਇਆ ਹੈ। ਸਾਬਕਾ ਅਧਿਕਾਰੀ ਵੱਲੋਂ ਲਾਏ ਗਏ ਦੋਸ਼ਾਂ ਨੇ ਸਾਰੀਆਂ ਸਿਆਸੀ ਧਿਰਾਂ ਨੂੰ ਹਿਲਾ ਕੇ ਰੱਖ ਦਿੱਤਾ ਹੈ। ਇਨ੍ਹਾਂ ਦੋਸ਼ਾਂ ਦੀ ਜਾਂਚ ਦੀ ਮੰਗ ਉੱਠ ਰਹੀ ਹੈ।

ਵਿਰੋਧੀ ਧਿਰਾਂ ਨੇ ਕਿਹਾ ਹੈ ਕਿ ਇਸ ਮਾਮਲੇ ਦੀ ਨਿਰਪੱਖ ਜਾਂਚ ਹੋਣੀ ਚਾਹੀਦੀ ਹੈ ਤਾਂ ਜੋ ਸੱਚ ਸਾਹਮਣੇ ਆ ਸਕੇ। ਸੱਤਾਧਾਰੀ ਧਿਰ ਨੇ ਇਨ੍ਹਾਂ ਦੋਸ਼ਾਂ ਨੂੰ ਬੇਬੁਨਿਆਦ ਦੱਸਿਆ ਹੈ।

ਸਿਆਸੀ ਮਾਹਿਰਾਂ ਦਾ ਮੰਨਣਾ ਹੈ ਕਿ ਆਉਣ ਵਾਲੀਆਂ ਚੋਣਾਂ ਉੱਤੇ ਇਸ ਦਾ ਅਸਰ ਪੈ ਸਕਦਾ ਹੈ। ਲੋਕਾਂ ਵਿਚ ਵੀ ਇਸ ਮੁੱਦੇ ਉੱਤੇ ਚਰਚਾ ਹੋ ਰਹੀ ਹੈ ਅਤੇ ਹਰ ਪਾਸੇ ਇਹੀ ਸਵਾਲ ਪੁੱਛਿਆ ਜਾ ਰਿਹਾ ਹੈ।

ਮਾਮਲੇ ਦੀ ਗੰਭੀਰਤਾ ਨੂੰ ਵੇਖਦਿਆਂ ਸਰਕਾਰ ਨੇ ਵੀ ਸੰਕੇਤ ਦਿੱਤਾ ਹੈ ਕਿ ਜੇ ਲੋੜ ਪਈ ਤਾਂ ਉੱਚ ਪੱਧਰੀ ਜਾਂਚ ਕਰਵਾਈ ਜਾਵੇਗੀ। ਇਸ ਨਾਲ ਸਥਿਤੀ ਕੁਝ ਸਪੱਸ਼ਟ ਹੋ ਸਕਦੀ ਹੈ।

ਪਰਵਾਸੀ ਪੰਜਾਬ ਹਕੂਮਤ ਦੀ ਵਿਭਾਗੀ ਕੰਮਾਂ ਦੀ

ਪਰਵਾਸੀ ਪੰਜਾਬੀਆਂ ਦੀਆਂ ਸਮੱਸਿਆਵਾਂ ਦੇ ਹੱਲ ਲਈ ਵਿਸ਼ੇਸ਼ ਪ੍ਰਬੰਧ ਕੀਤੇ ਜਾਣ ਦੀ ਮੰਗ ਕੀਤੀ ਗਈ ਹੈ। ਜਾਇਦਾਦ ਸਬੰਧੀ ਝਗੜਿਆਂ ਦਾ ਛੇਤੀ ਨਿਬੇੜਾ ਹੋਣਾ ਚਾਹੀਦਾ ਹੈ।

ਪਰਵਾਸੀ ਪੰਜਾਬੀਆਂ ਦੀਆਂ ਸਮੱਸਿਆਵਾਂ ਦੇ ਹੱਲ ਲਈ ਵਿਸ਼ੇਸ਼ ਪ੍ਰਬੰਧ ਕੀਤੇ ਜਾਣ ਦੀ ਮੰਗ ਕੀਤੀ ਗਈ ਹੈ। ਜਾਇਦਾਦ ਸਬੰਧੀ ਝਗੜਿਆਂ ਦਾ ਛੇਤੀ ਨਿਬੇੜਾ ਹੋਣਾ ਚਾਹੀਦਾ ਹੈ।

ਮੋਬਾਈਲ : 98140-12345
E-mail : info@ajitjalandhar.com
ਜੈਤੋ ਦੇ ਮੋਰਚੇ ਦੌਰਾਨ ਸ਼ਾਂਤਮਈ ਜੱਥੇ ਦੀ ਇੱਕ ਪੁਰਾਣੀ ਤਸਵੀਰ।

ਮੋਰਚੇ ਦੌਰਾਨ ਸ਼ਾਂਤਮਈ ਜੱਥੇ ਅੱਗੇ ਵਧਦੇ ਰਹੇ ਅਤੇ ਉਨ੍ਹਾਂ ਉੱਤੇ ਗੋਲੀਆਂ ਚਲਾਈਆਂ ਗਈਆਂ। ਫਿਰ ਵੀ ਸਿੰਘਾਂ ਨੇ ਹੌਸਲਾ ਨਹੀਂ ਛੱਡਿਆ ਅਤੇ ਅਖੀਰ ਜਿੱਤ ਪ੍ਰਾਪਤ ਕੀਤੀ।

ਇਸ ਮੋਰਚੇ ਨੇ ਅਜ਼ਾਦੀ ਦੀ ਲਹਿਰ ਨੂੰ ਵੀ ਨਵੀਂ ਤਾਕਤ ਦਿੱਤੀ। ਦੇਸ਼ ਭਰ ਵਿੱਚ ਇਸ ਦੀ ਚਰਚਾ ਹੋਈ ਅਤੇ ਅੰਗਰੇਜ਼ ਸਰਕਾਰ ਨੂੰ ਝੁਕਣਾ ਪਿਆ।

ਅੱਜ ਵੀ ਹਰ ਸਾਲ ਇਸ ਦੀ ਯਾਦ ਵਿੱਚ ਸਮਾਗਮ ਕਰਵਾਏ ਜਾਂਦੇ ਹਨ ਅਤੇ ਨਵੀਂ ਪੀੜ੍ਹੀ ਨੂੰ ਇਤਿਹਾਸ ਤੋਂ ਜਾਣੂ ਕਰਵਾਇਆ ਜਾਂਦਾ ਹੈ।

ਜੈਤੋ ਦਾ ਮੋਰਚਾ ਸਿੱਖ ਇਤਿਹਾਸ ਦਾ ਇੱਕ ਸੁਨਹਿਰੀ ਪੰਨਾ ਹੈ। ਇਹ ਮੋਰਚਾ ਗੁਰਦੁਆਰਾ ਸੁਧਾਰ ਲਹਿਰ ਦਾ ਅਹਿਮ ਹਿੱਸਾ ਸੀ ਅਤੇ ਇਸ ਵਿੱਚ ਹਜ਼ਾਰਾਂ ਸਿੰਘਾਂ ਨੇ ਕੁਰਬਾਨੀਆਂ ਦਿੱਤੀਆਂ।

—ਗੁਰਦੇਵ ਸਿੰਘ ਬਰਾੜ
ਅੱਜ ਜਨਮ ਦਿਨ 'ਤੇ ਵਿਸ਼ੇਸ਼

ਅੱਜ ਦੇ ਦਿਨ ਜਨਮੇ ਮਹਾਨ ਸ਼ਖ਼ਸੀਅਤਾਂ ਨੂੰ ਯਾਦ ਕਰਦਿਆਂ ਉਨ੍ਹਾਂ ਦੇ ਜੀਵਨ ਤੋਂ ਪ੍ਰੇਰਨਾ ਲੈਣ ਦੀ ਲੋੜ ਹੈ।

ਜੇਲ੍ਹ ਵਿੱਚ ਰਹਿੰਦਿਆਂ ਵੀ ਉਨ੍ਹਾਂ ਨੇ ਆਪਣੇ ਅਸੂਲਾਂ ਨਾਲ ਸਮਝੌਤਾ ਨਹੀਂ ਕੀਤਾ। ਉਨ੍ਹਾਂ ਦੀ ਕੁਰਬਾਨੀ ਨੂੰ ਅੱਜ ਵੀ ਸਤਿਕਾਰ ਨਾਲ ਯਾਦ ਕੀਤਾ ਜਾਂਦਾ ਹੈ।

ਉਨ੍ਹਾਂ ਦਾ ਜਨਮ ਇੱਕ ਸਧਾਰਨ ਪਰਿਵਾਰ ਵਿੱਚ ਹੋਇਆ ਪਰ ਬਚਪਨ ਤੋਂ ਹੀ ਉਨ੍ਹਾਂ ਵਿੱਚ ਸੇਵਾ ਦੀ ਭਾਵਨਾ ਸੀ। ਪੜ੍ਹਾਈ ਦੌਰਾਨ ਹੀ ਉਹ ਸਮਾਜਿਕ ਕੰਮਾਂ ਵਿੱਚ ਹਿੱਸਾ ਲੈਣ ਲੱਗੇ।

ਸ਼੍ਰੋਮਣੀ ਕਮੇਟੀ ਦੀ ਸਥਾਪਨਾ ਵਿੱਚ ਉਨ੍ਹਾਂ ਦਾ ਵੱਡਾ ਯੋਗਦਾਨ ਰਿਹਾ। ਅੰਮ੍ਰਿਤਸਰ ਵਿਖੇ ਉਨ੍ਹਾਂ ਦੇ ਨਾਂ ਉੱਤੇ ਹਾਲ ਵੀ ਬਣਿਆ ਹੋਇਆ ਹੈ ਜੋ ਉਨ੍ਹਾਂ ਦੀ ਯਾਦ ਤਾਜ਼ਾ ਕਰਵਾਉਂਦਾ ਹੈ।

ਤੇਜਾ ਸਿੰਘ ਸਮੁੰਦਰੀ ਸਿੱਖ ਕੌਮ ਦੇ ਇੱਕ ਮਹਾਨ ਆਗੂ ਸਨ। ਉਨ੍ਹਾਂ ਨੇ ਗੁਰਦੁਆਰਾ ਸੁਧਾਰ ਲਹਿਰ ਵਿੱਚ ਅਹਿਮ ਭੂਮਿਕਾ ਨਿਭਾਈ ਅਤੇ ਆਪਣਾ ਸਾਰਾ ਜੀਵਨ ਕੌਮ ਦੇ ਲੇਖੇ ਲਾ ਦਿੱਤਾ।

ਜੇਲ੍ਹ ਵਿੱਚ ਰਹਿੰਦਿਆਂ ਵੀ ਉਨ੍ਹਾਂ ਨੇ ਆਪਣੇ ਅਸੂਲਾਂ ਨਾਲ ਸਮਝੌਤਾ ਨਹੀਂ ਕੀਤਾ। ਉਨ੍ਹਾਂ ਦੀ ਕੁਰਬਾਨੀ ਨੂੰ ਅੱਜ ਵੀ ਸਤਿਕਾਰ ਨਾਲ ਯਾਦ ਕੀਤਾ ਜਾਂਦਾ ਹੈ।

ਉਨ੍ਹਾਂ ਦਾ ਜਨਮ ਇੱਕ ਸਧਾਰਨ ਪਰਿਵਾਰ ਵਿੱਚ ਹੋਇਆ ਪਰ ਬਚਪਨ ਤੋਂ ਹੀ ਉਨ੍ਹਾਂ ਵਿੱਚ ਸੇਵਾ ਦੀ ਭਾਵਨਾ ਸੀ। ਪੜ੍ਹਾਈ ਦੌਰਾਨ ਹੀ ਉਹ ਸਮਾਜਿਕ ਕੰਮਾਂ ਵਿੱਚ ਹਿੱਸਾ ਲੈਣ ਲੱਗੇ।

—ਨੀਰਜ ਦੁਲਾਰ, ਜਲੰਧਰ
ਬਾਬਾ-ਅਮੀਰੋ ਰਹਾਣ ਸਤਿਕਾਰੋ

ਕਵਿਤਾ ਦੀਆਂ ਇਹ ਸਤਰਾਂ ਜੀਵਨ ਦੀ ਸਚਾਈ ਨੂੰ ਬਿਆਨ ਕਰਦੀਆਂ ਹਨ ਅਤੇ ਪਾਠਕਾਂ ਨੂੰ ਸੋਚਣ ਲਈ ਮਜਬੂਰ ਕਰਦੀਆਂ ਹਨ।

ਪਾਠਕਾਂ ਵੱਲੋਂ ਭੇਜੇ ਗਏ ਪੱਤਰਾਂ ਵਿੱਚ ਸਮਾਜਿਕ ਮੁੱਦਿਆਂ ਉੱਤੇ ਚਿੰਤਾ ਜ਼ਾਹਰ ਕੀਤੀ ਗਈ ਹੈ। ਸਿੱਖਿਆ, ਸਿਹਤ ਅਤੇ ਵਾਤਾਵਰਨ ਸਬੰਧੀ ਸੁਝਾਅ ਵੀ ਦਿੱਤੇ ਗਏ ਹਨ।

ਸੰਪਾਦਕ ਦੇ ਨਾਂ ਆਏ ਪੱਤਰਾਂ ਵਿੱਚ ਪਾਠਕਾਂ ਨੇ ਆਪਣੇ ਵਿਚਾਰ ਖੁੱਲ੍ਹ ਕੇ ਰੱਖੇ ਹਨ। ਅਸੀਂ ਹਰ ਪੱਤਰ ਨੂੰ ਅਹਿਮੀਅਤ ਦਿੰਦੇ ਹਾਂ।

—ਜਸਵੰਤ ਕੌਰ
1	C M Y K
